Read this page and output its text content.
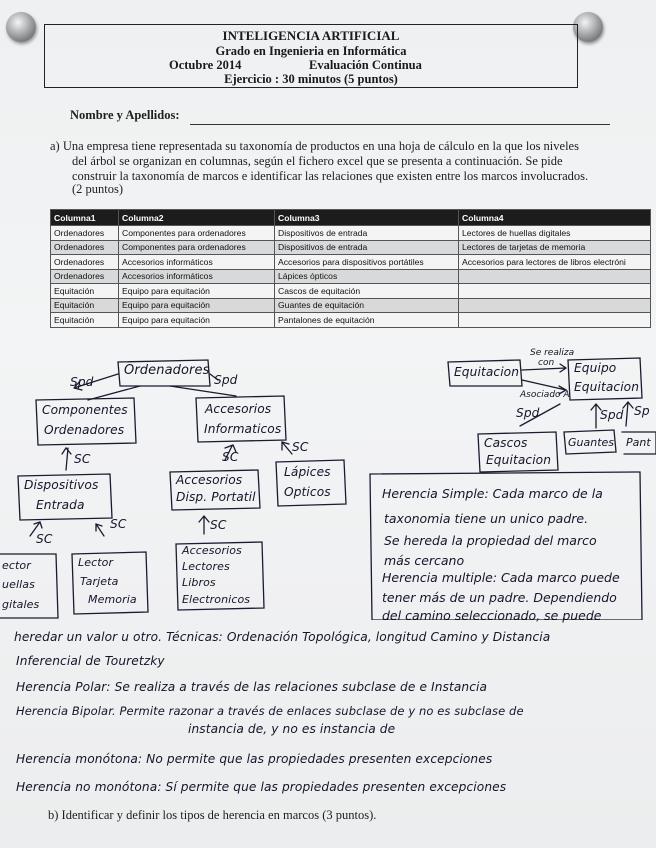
INTELIGENCIA ARTIFICIAL
Grado en Ingenieria en Informática
Octubre 2014	Evaluación Continua
Ejercicio : 30 minutos (5 puntos)
Nombre y Apellidos:
a) Una empresa tiene representada su taxonomía de productos en una hoja de cálculo en la que los niveles
del árbol se organizan en columnas, según el fichero excel que se presenta a continuación. Se pide
construir la taxonomía de marcos e identificar las relaciones que existen entre los marcos involucrados.
(2 puntos)
Columna1	Columna2	Columna3	Columna4
Ordenadores	Componentes para ordenadores	Dispositivos de entrada	Lectores de huellas digitales
Ordenadores	Componentes para ordenadores	Dispositivos de entrada	Lectores de tarjetas de memoria
Ordenadores	Accesorios informáticos	Accesorios para dispositivos portátiles	Accesorios para lectores de libros electróni
Ordenadores	Accesorios informáticos	Lápices ópticos	
Equitación	Equipo para equitación	Cascos de equitación	
Equitación	Equipo para equitación	Guantes de equitación	
Equitación	Equipo para equitación	Pantalones de equitación	
Ordenadores
Spd	Spd
Componentes
Ordenadores
Accesorios
Informaticos
SC	SC
SC
Dispositivos
Entrada
Accesorios
Disp. Portatil
Lápices
Opticos
SC
SC
SC
Accesorios
Lectores
Libros
Electronicos
ector
uellas
gitales
Lector
Tarjeta
Memoria
Equitacion
Se realiza
con
Asociado A
Equipo
Equitacion
Spd	Spd Sp
Cascos
Equitacion
Guantes Pant
Herencia Simple: Cada marco de la
taxonomia tiene un unico padre.
Se hereda la propiedad del marco
más cercano
Herencia multiple: Cada marco puede
tener más de un padre. Dependiendo
del camino seleccionado, se puede
heredar un valor u otro. Técnicas: Ordenación Topológica, longitud Camino y Distancia
Inferencial de Touretzky
Herencia Polar: Se realiza a través de las relaciones subclase de e Instancia
Herencia Bipolar. Permite razonar a través de enlaces subclase de y no es subclase de
instancia de, y no es instancia de
Herencia monótona: No permite que las propiedades presenten excepciones
Herencia no monótona: Sí permite que las propiedades presenten excepciones
b) Identificar y definir los tipos de herencia en marcos (3 puntos).
